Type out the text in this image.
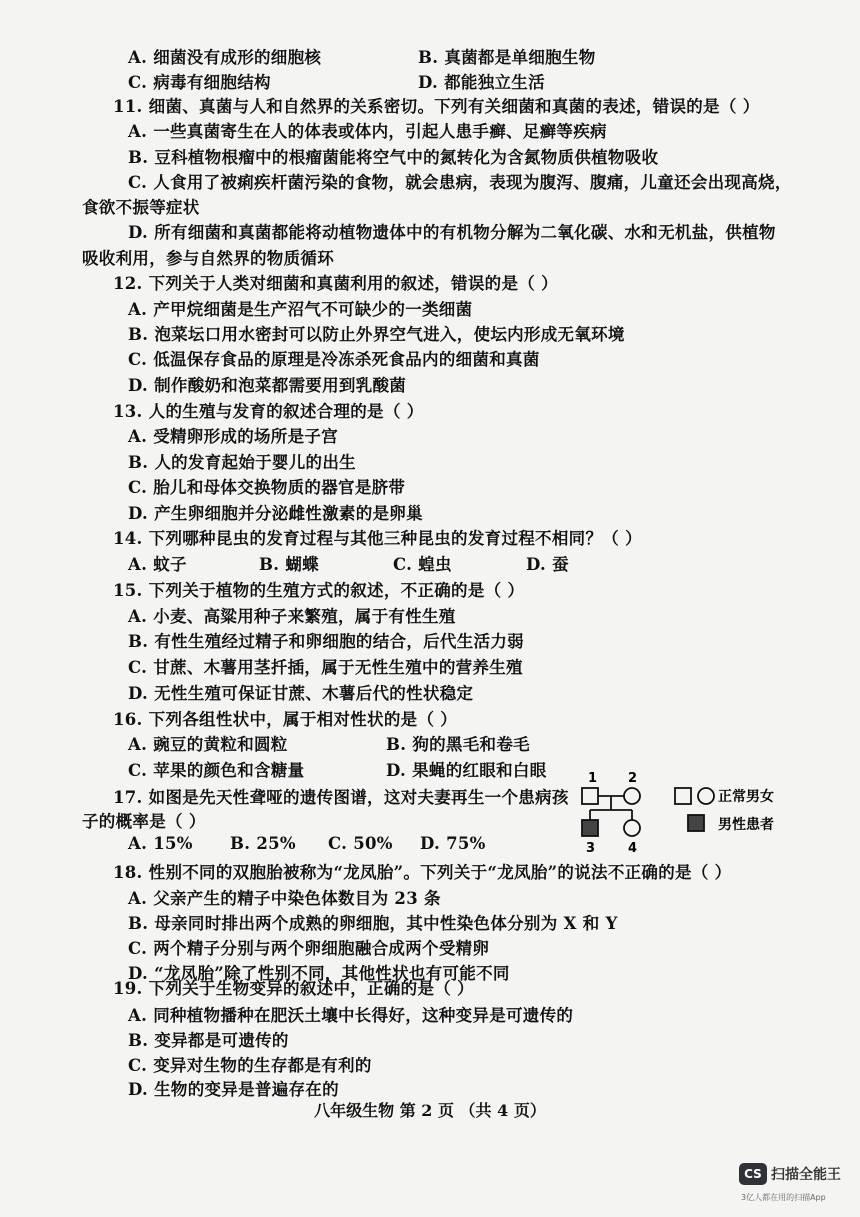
A. 细菌没有成形的细胞核	B. 真菌都是单细胞生物
C. 病毒有细胞结构	D. 都能独立生活
11. 细菌、真菌与人和自然界的关系密切。下列有关细菌和真菌的表述，错误的是（ ）
A. 一些真菌寄生在人的体表或体内，引起人患手癣、足癣等疾病
B. 豆科植物根瘤中的根瘤菌能将空气中的氮转化为含氮物质供植物吸收
C. 人食用了被痢疾杆菌污染的食物，就会患病，表现为腹泻、腹痛，儿童还会出现高烧，
食欲不振等症状
D. 所有细菌和真菌都能将动植物遗体中的有机物分解为二氧化碳、水和无机盐，供植物
吸收利用，参与自然界的物质循环
12. 下列关于人类对细菌和真菌利用的叙述，错误的是（ ）
A. 产甲烷细菌是生产沼气不可缺少的一类细菌
B. 泡菜坛口用水密封可以防止外界空气进入，使坛内形成无氧环境
C. 低温保存食品的原理是冷冻杀死食品内的细菌和真菌
D. 制作酸奶和泡菜都需要用到乳酸菌
13. 人的生殖与发育的叙述合理的是（ ）
A. 受精卵形成的场所是子宫
B. 人的发育起始于婴儿的出生
C. 胎儿和母体交换物质的器官是脐带
D. 产生卵细胞并分泌雌性激素的是卵巢
14. 下列哪种昆虫的发育过程与其他三种昆虫的发育过程不相同？（ ）
A. 蚊子	B. 蝴蝶	C. 蝗虫	D. 蚕
15. 下列关于植物的生殖方式的叙述，不正确的是（ ）
A. 小麦、高粱用种子来繁殖，属于有性生殖
B. 有性生殖经过精子和卵细胞的结合，后代生活力弱
C. 甘蔗、木薯用茎扦插，属于无性生殖中的营养生殖
D. 无性生殖可保证甘蔗、木薯后代的性状稳定
16. 下列各组性状中，属于相对性状的是（ ）
A. 豌豆的黄粒和圆粒	B. 狗的黑毛和卷毛
C. 苹果的颜色和含糖量	D. 果蝇的红眼和白眼
17. 如图是先天性聋哑的遗传图谱，这对夫妻再生一个患病孩
子的概率是（ ）
A. 15% B. 25% C. 50% D. 75%
18. 性别不同的双胞胎被称为“龙凤胎”。下列关于“龙凤胎”的说法不正确的是（ ）
A. 父亲产生的精子中染色体数目为 23 条
B. 母亲同时排出两个成熟的卵细胞，其中性染色体分别为 X 和 Y
C. 两个精子分别与两个卵细胞融合成两个受精卵
D. “龙凤胎”除了性别不同，其他性状也有可能不同
19. 下列关于生物变异的叙述中，正确的是（ ）
A. 同种植物播种在肥沃土壤中长得好，这种变异是可遗传的
B. 变异都是可遗传的
C. 变异对生物的生存都是有利的
D. 生物的变异是普遍存在的
1 2
3	4
正常男女
男性患者
八年级生物 第 2 页 （共 4 页）
CS 扫描全能王
3亿人都在用的扫描App
